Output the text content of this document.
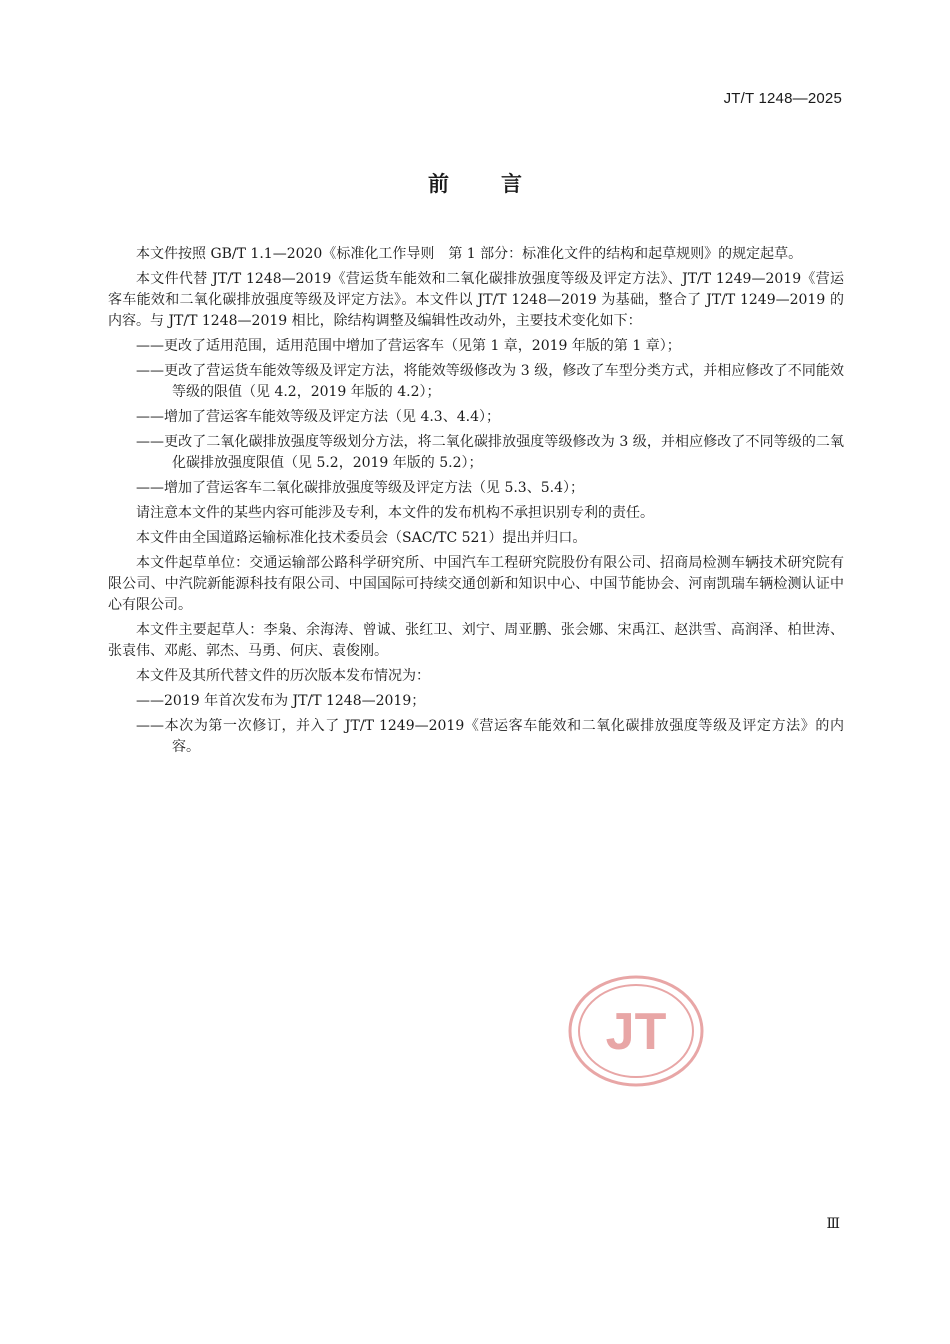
JT/T 1248—2025
前言

本文件按照 GB/T 1.1—2020《标准化工作导则　第 1 部分：标准化文件的结构和起草规则》的规定起草。

本文件代替 JT/T 1248—2019《营运货车能效和二氧化碳排放强度等级及评定方法》、JT/T 1249—2019《营运客车能效和二氧化碳排放强度等级及评定方法》。本文件以 JT/T 1248—2019 为基础，整合了 JT/T 1249—2019 的内容。与 JT/T 1248—2019 相比，除结构调整及编辑性改动外，主要技术变化如下：

——更改了适用范围，适用范围中增加了营运客车（见第 1 章，2019 年版的第 1 章）；

——更改了营运货车能效等级及评定方法，将能效等级修改为 3 级，修改了车型分类方式，并相应修改了不同能效等级的限值（见 4.2，2019 年版的 4.2）；

——增加了营运客车能效等级及评定方法（见 4.3、4.4）；

——更改了二氧化碳排放强度等级划分方法，将二氧化碳排放强度等级修改为 3 级，并相应修改了不同等级的二氧化碳排放强度限值（见 5.2，2019 年版的 5.2）；

——增加了营运客车二氧化碳排放强度等级及评定方法（见 5.3、5.4）；

请注意本文件的某些内容可能涉及专利，本文件的发布机构不承担识别专利的责任。

本文件由全国道路运输标准化技术委员会（SAC/TC 521）提出并归口。

本文件起草单位：交通运输部公路科学研究所、中国汽车工程研究院股份有限公司、招商局检测车辆技术研究院有限公司、中汽院新能源科技有限公司、中国国际可持续交通创新和知识中心、中国节能协会、河南凯瑞车辆检测认证中心有限公司。

本文件主要起草人：李枭、余海涛、曾诚、张红卫、刘宁、周亚鹏、张会娜、宋禹江、赵洪雪、高润泽、柏世涛、张袁伟、邓彪、郭杰、马勇、何庆、袁俊刚。

本文件及其所代替文件的历次版本发布情况为：

——2019 年首次发布为 JT/T 1248—2019；

——本次为第一次修订，并入了 JT/T 1249—2019《营运客车能效和二氧化碳排放强度等级及评定方法》的内容。

JT
Ⅲ
